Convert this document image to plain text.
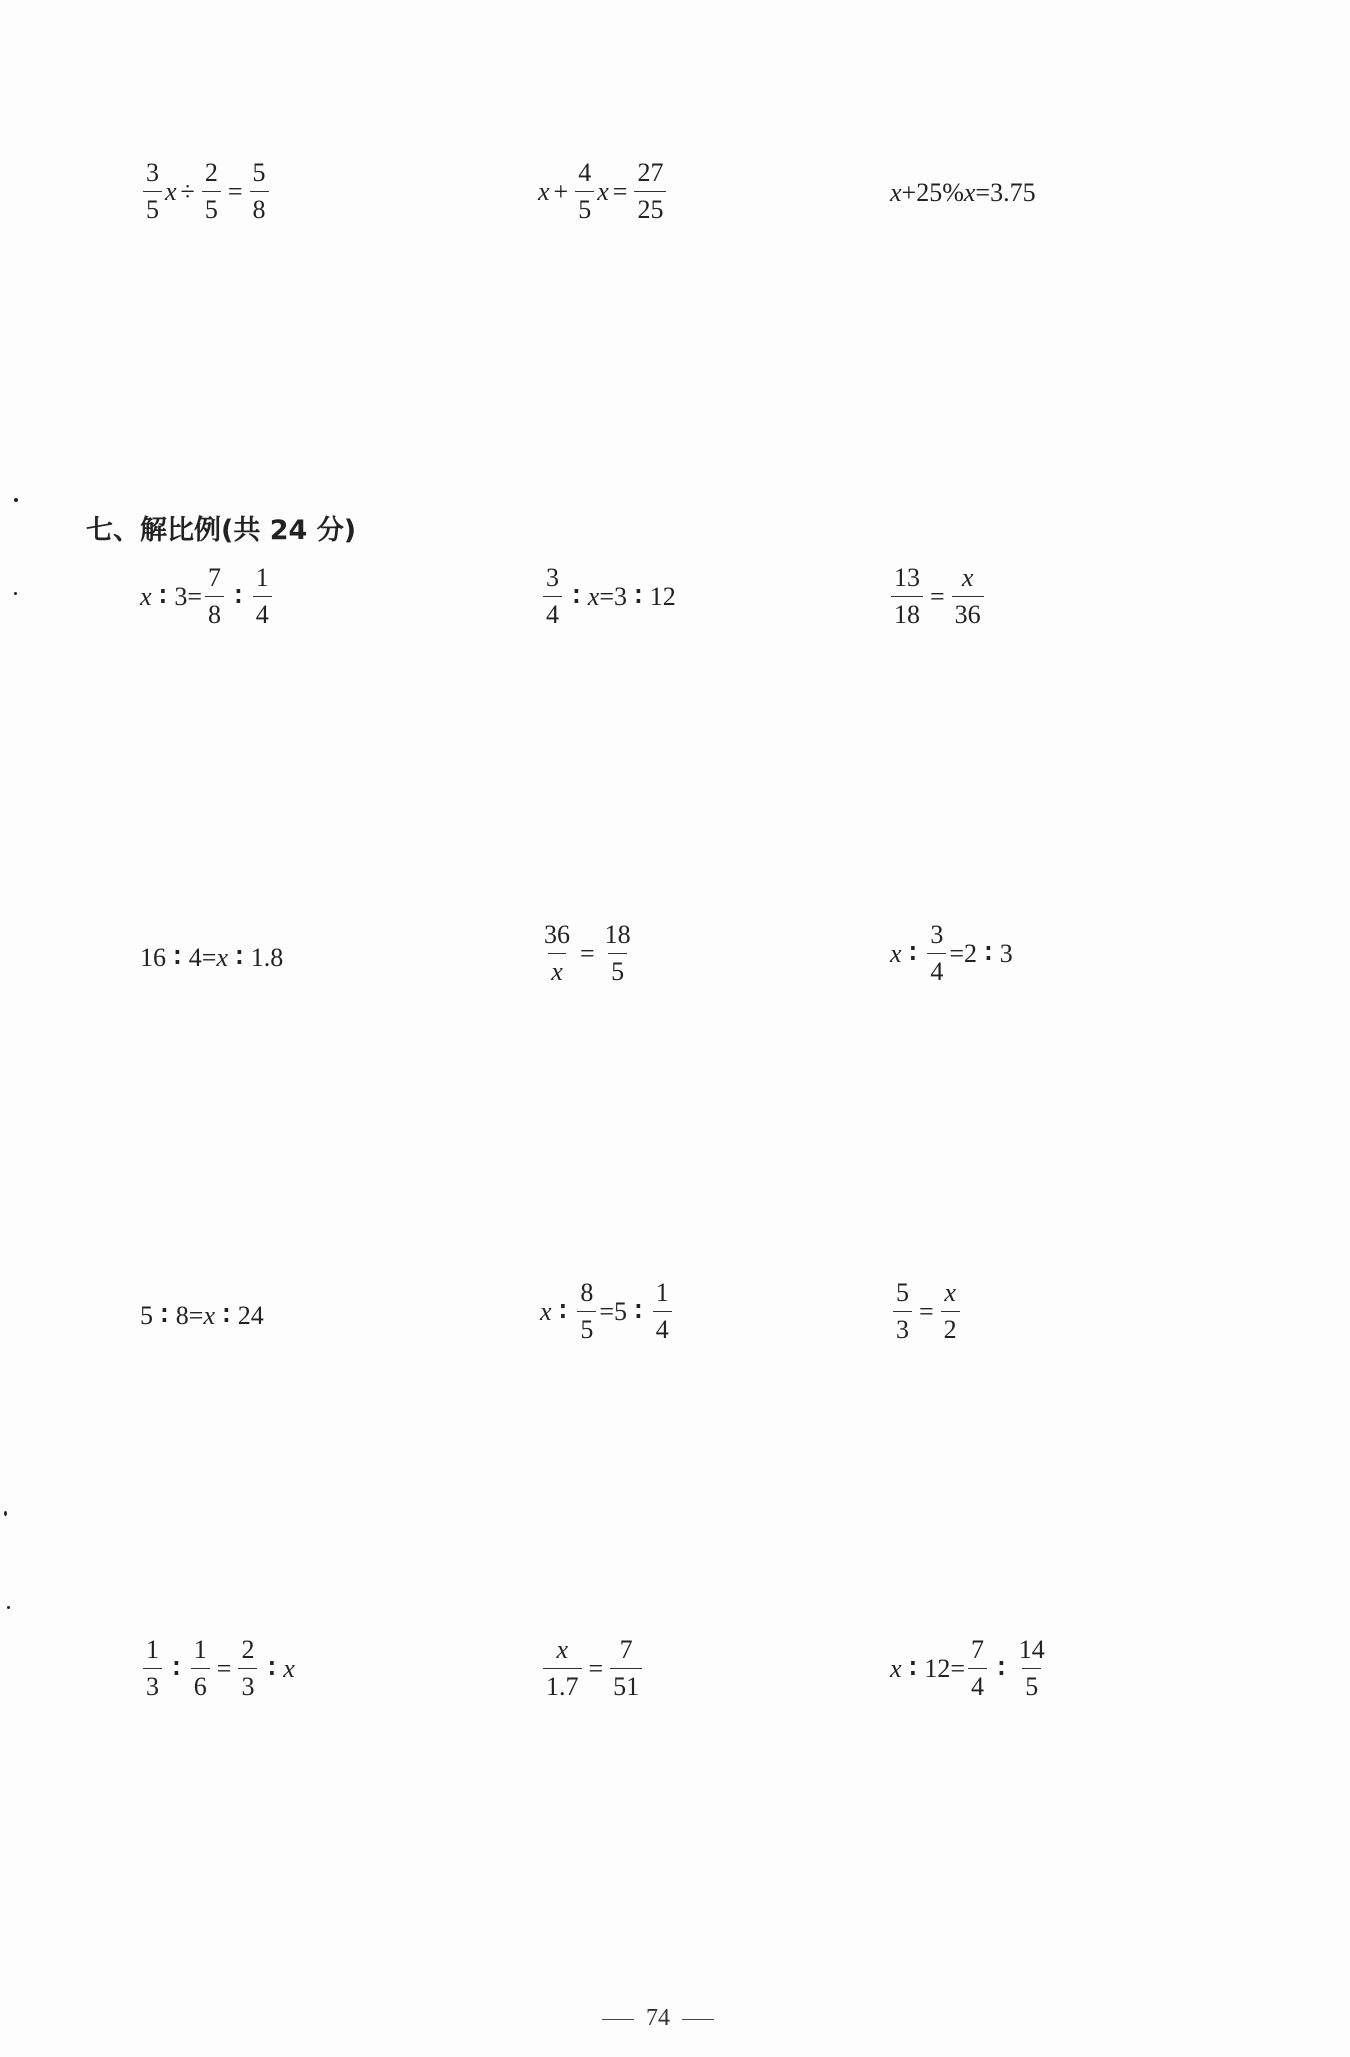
$\frac{3}{5}$ $x \div \frac{2}{5} = \frac{5}{8}$	$x + \frac{4}{5}$ $x = \frac{27}{25}$	x +25% x =3.75
七、解比例(共 24 分)
x ∶ $3= \frac{7}{8}$ ∶ $\frac{1}{4}$	$\frac{3}{4}$ ∶ x =3 ∶ 12	$\frac{13}{18} = \frac{x}{36}$
16 ∶ 4= x ∶ 1.8	$\frac{36}{x} = \frac{18}{5}$	x ∶ $\frac{3}{4} =2$ ∶ 3
5 ∶ 8= x ∶ 24	x ∶ $\frac{8}{5} =5$ ∶ $\frac{1}{4}$	$\frac{5}{3} = \frac{x}{2}$
$\frac{1}{3}$ ∶ $\frac{1}{6} = \frac{2}{3}$ ∶ x	$\frac{x}{1.7} = \frac{7}{51}$	x ∶ $12= \frac{7}{4}$ ∶ $\frac{14}{5}$
74
